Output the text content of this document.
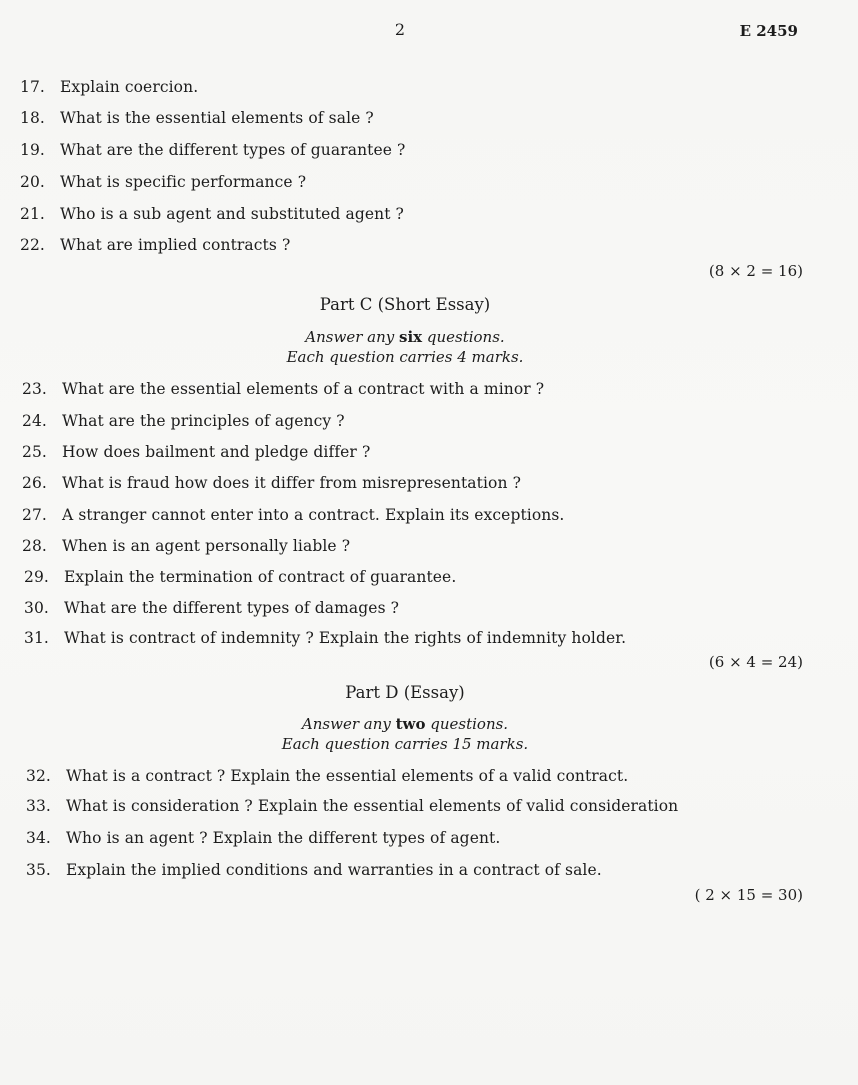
2	E 2459
17. Explain coercion.
18. What is the essential elements of sale ?
19. What are the different types of guarantee ?
20. What is specific performance ?
21. Who is a sub agent and substituted agent ?
22. What are implied contracts ?
(8 × 2 = 16)
Part C (Short Essay)
Answer any six questions.
Each question carries 4 marks.
23. What are the essential elements of a contract with a minor ?
24. What are the principles of agency ?
25. How does bailment and pledge differ ?
26. What is fraud how does it differ from misrepresentation ?
27. A stranger cannot enter into a contract. Explain its exceptions.
28. When is an agent personally liable ?
29. Explain the termination of contract of guarantee.
30. What are the different types of damages ?
31. What is contract of indemnity ? Explain the rights of indemnity holder.
(6 × 4 = 24)
Part D (Essay)
Answer any two questions.
Each question carries 15 marks.
32. What is a contract ? Explain the essential elements of a valid contract.
33. What is consideration ? Explain the essential elements of valid consideration
34. Who is an agent ? Explain the different types of agent.
35. Explain the implied conditions and warranties in a contract of sale.
( 2 × 15 = 30)
